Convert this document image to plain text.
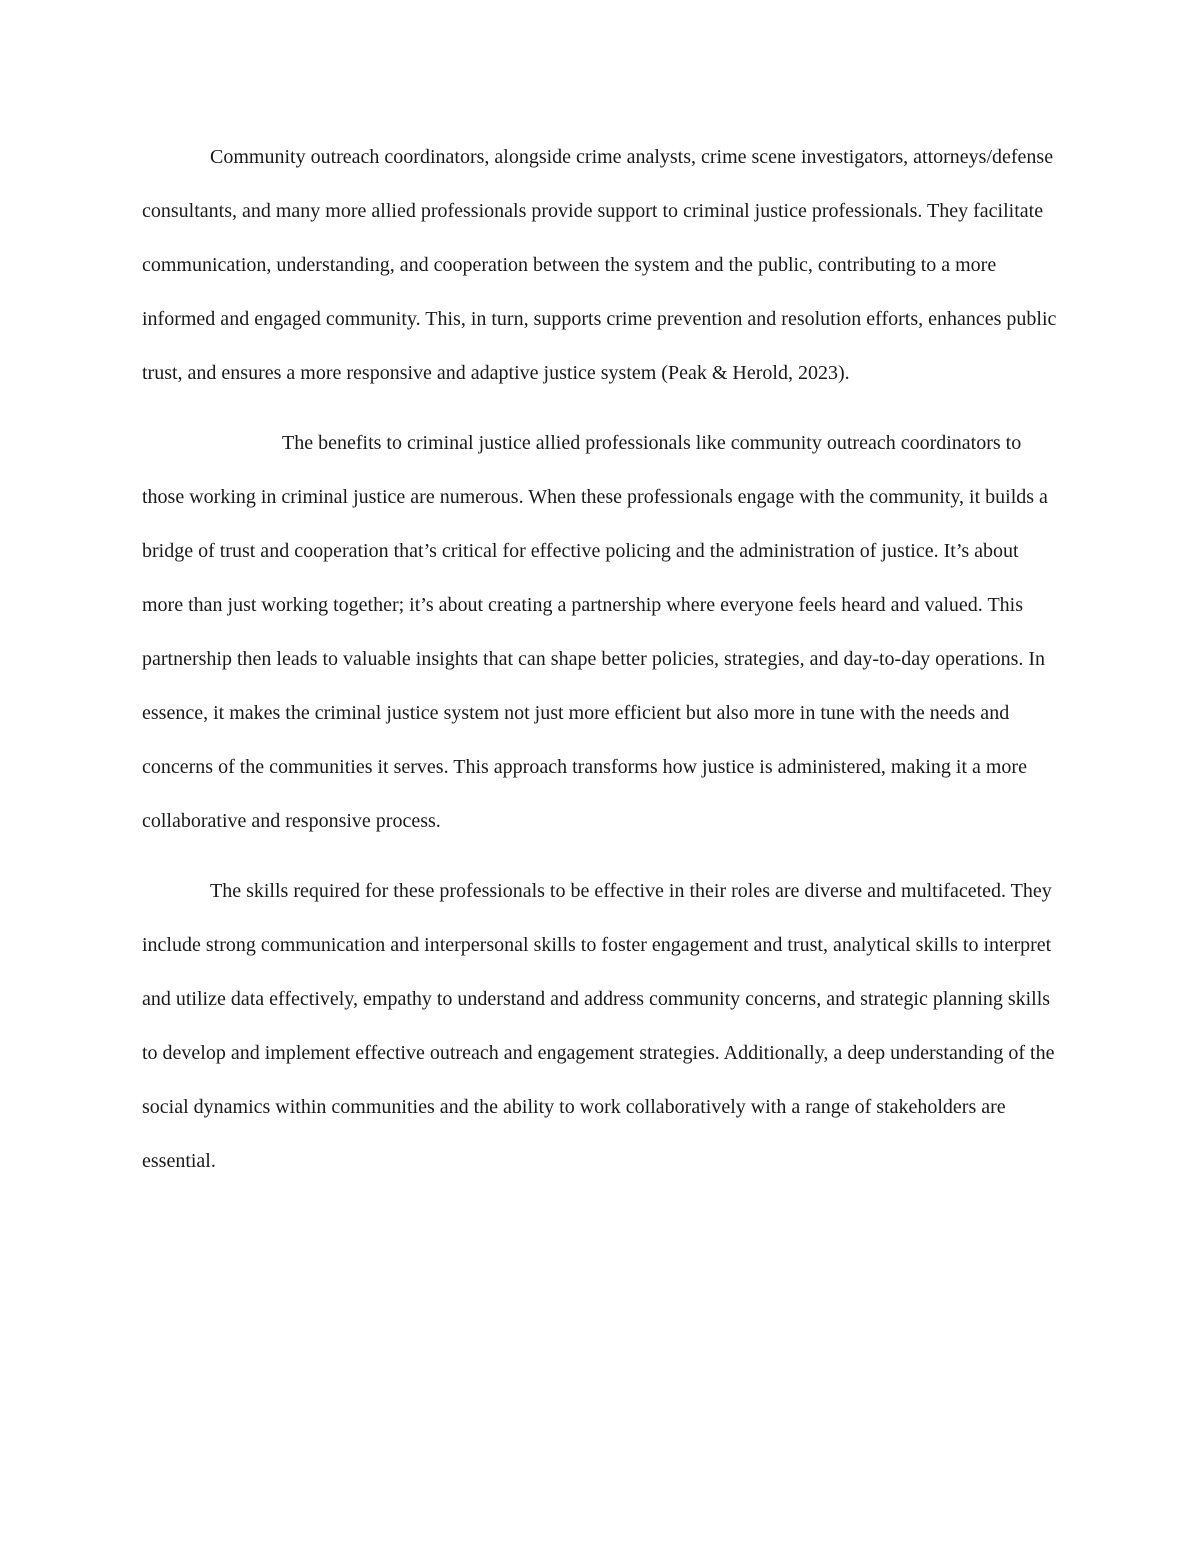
Community outreach coordinators, alongside crime analysts, crime scene investigators, attorneys/defense consultants, and many more allied professionals provide support to criminal justice professionals. They facilitate communication, understanding, and cooperation between the system and the public, contributing to a more informed and engaged community. This, in turn, supports crime prevention and resolution efforts, enhances public trust, and ensures a more responsive and adaptive justice system (Peak & Herold, 2023).

The benefits to criminal justice allied professionals like community outreach coordinators to those working in criminal justice are numerous. When these professionals engage with the community, it builds a bridge of trust and cooperation that’s critical for effective policing and the administration of justice. It’s about more than just working together; it’s about creating a partnership where everyone feels heard and valued. This partnership then leads to valuable insights that can shape better policies, strategies, and day-to-day operations. In essence, it makes the criminal justice system not just more efficient but also more in tune with the needs and concerns of the communities it serves. This approach transforms how justice is administered, making it a more collaborative and responsive process.

The skills required for these professionals to be effective in their roles are diverse and multifaceted. They include strong communication and interpersonal skills to foster engagement and trust, analytical skills to interpret and utilize data effectively, empathy to understand and address community concerns, and strategic planning skills to develop and implement effective outreach and engagement strategies. Additionally, a deep understanding of the social dynamics within communities and the ability to work collaboratively with a range of stakeholders are essential.
